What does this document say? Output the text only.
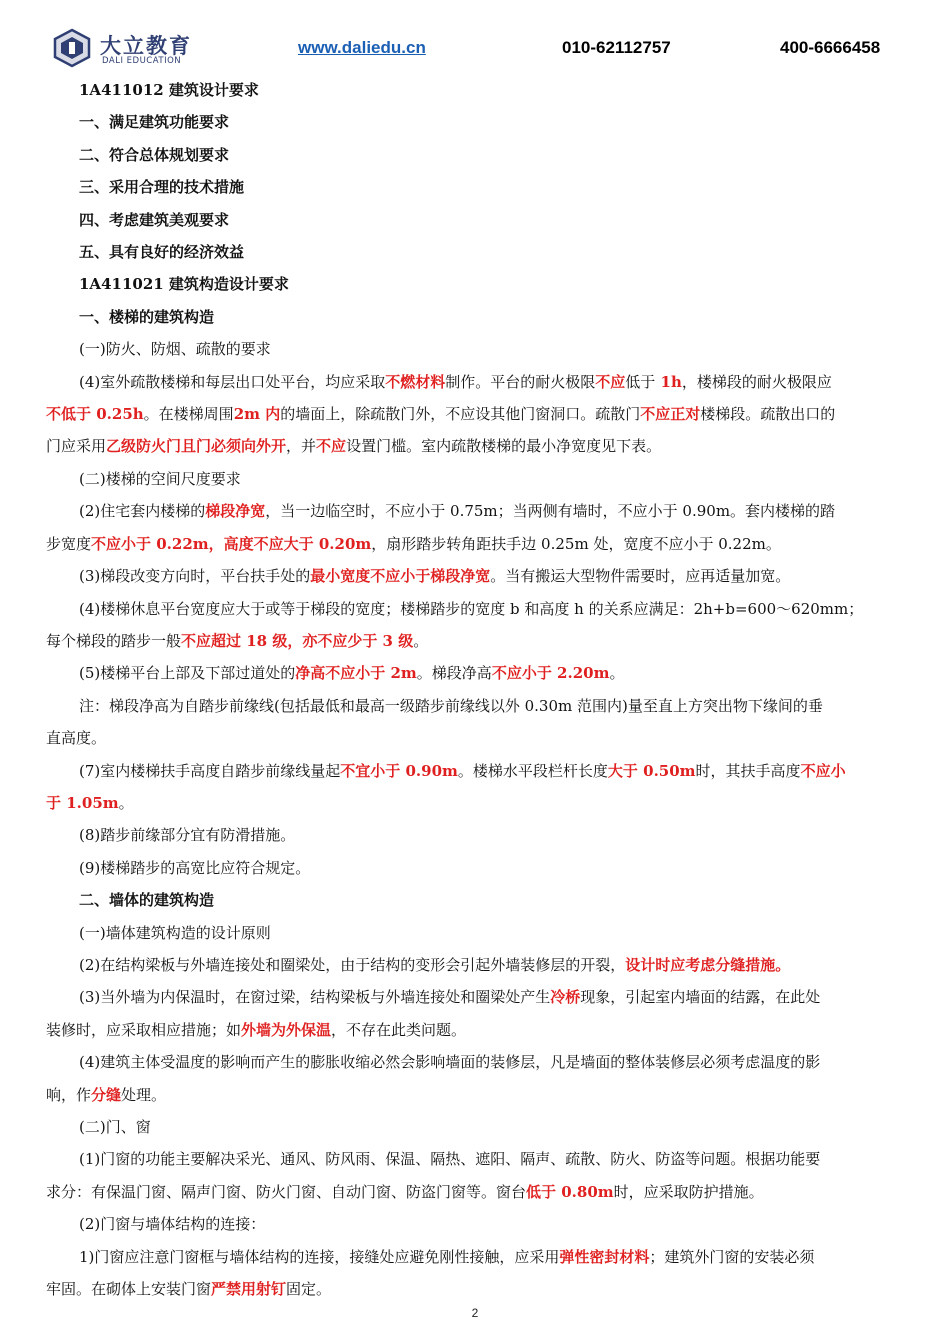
大立教育
DALI EDUCATION
www.daliedu.cn	010-62112757	400-6666458

1A411012 建筑设计要求

一、满足建筑功能要求

二、符合总体规划要求

三、采用合理的技术措施

四、考虑建筑美观要求

五、具有良好的经济效益

1A411021 建筑构造设计要求

一、楼梯的建筑构造

(一)防火、防烟、疏散的要求

(4)室外疏散楼梯和每层出口处平台，均应采取不燃材料制作。平台的耐火极限不应低于 1h，楼梯段的耐火极限应

不低于 0.25h。在楼梯周围2m 内的墙面上，除疏散门外，不应设其他门窗洞口。疏散门不应正对楼梯段。疏散出口的

门应采用乙级防火门且门必须向外开，并不应设置门槛。室内疏散楼梯的最小净宽度见下表。

(二)楼梯的空间尺度要求

(2)住宅套内楼梯的梯段净宽，当一边临空时，不应小于 0.75m；当两侧有墙时，不应小于 0.90m。套内楼梯的踏

步宽度不应小于 0.22m，高度不应大于 0.20m，扇形踏步转角距扶手边 0.25m 处，宽度不应小于 0.22m。

(3)梯段改变方向时，平台扶手处的最小宽度不应小于梯段净宽。当有搬运大型物件需要时，应再适量加宽。

(4)楼梯休息平台宽度应大于或等于梯段的宽度；楼梯踏步的宽度 b 和高度 h 的关系应满足：2h+b=600～620mm；

每个梯段的踏步一般不应超过 18 级，亦不应少于 3 级。

(5)楼梯平台上部及下部过道处的净高不应小于 2m。梯段净高不应小于 2.20m。

注：梯段净高为自踏步前缘线(包括最低和最高一级踏步前缘线以外 0.30m 范围内)量至直上方突出物下缘间的垂

直高度。

(7)室内楼梯扶手高度自踏步前缘线量起不宜小于 0.90m。楼梯水平段栏杆长度大于 0.50m时，其扶手高度不应小

于 1.05m。

(8)踏步前缘部分宜有防滑措施。

(9)楼梯踏步的高宽比应符合规定。

二、墙体的建筑构造

(一)墙体建筑构造的设计原则

(2)在结构梁板与外墙连接处和圈梁处，由于结构的变形会引起外墙装修层的开裂，设计时应考虑分缝措施。

(3)当外墙为内保温时，在窗过梁，结构梁板与外墙连接处和圈梁处产生冷桥现象，引起室内墙面的结露，在此处

装修时，应采取相应措施；如外墙为外保温，不存在此类问题。

(4)建筑主体受温度的影响而产生的膨胀收缩必然会影响墙面的装修层，凡是墙面的整体装修层必须考虑温度的影

响，作分缝处理。

(二)门、窗

(1)门窗的功能主要解决采光、通风、防风雨、保温、隔热、遮阳、隔声、疏散、防火、防盗等问题。根据功能要

求分：有保温门窗、隔声门窗、防火门窗、自动门窗、防盗门窗等。窗台低于 0.80m时，应采取防护措施。

(2)门窗与墙体结构的连接：

1)门窗应注意门窗框与墙体结构的连接，接缝处应避免刚性接触，应采用弹性密封材料；建筑外门窗的安装必须

牢固。在砌体上安装门窗严禁用射钉固定。

2
